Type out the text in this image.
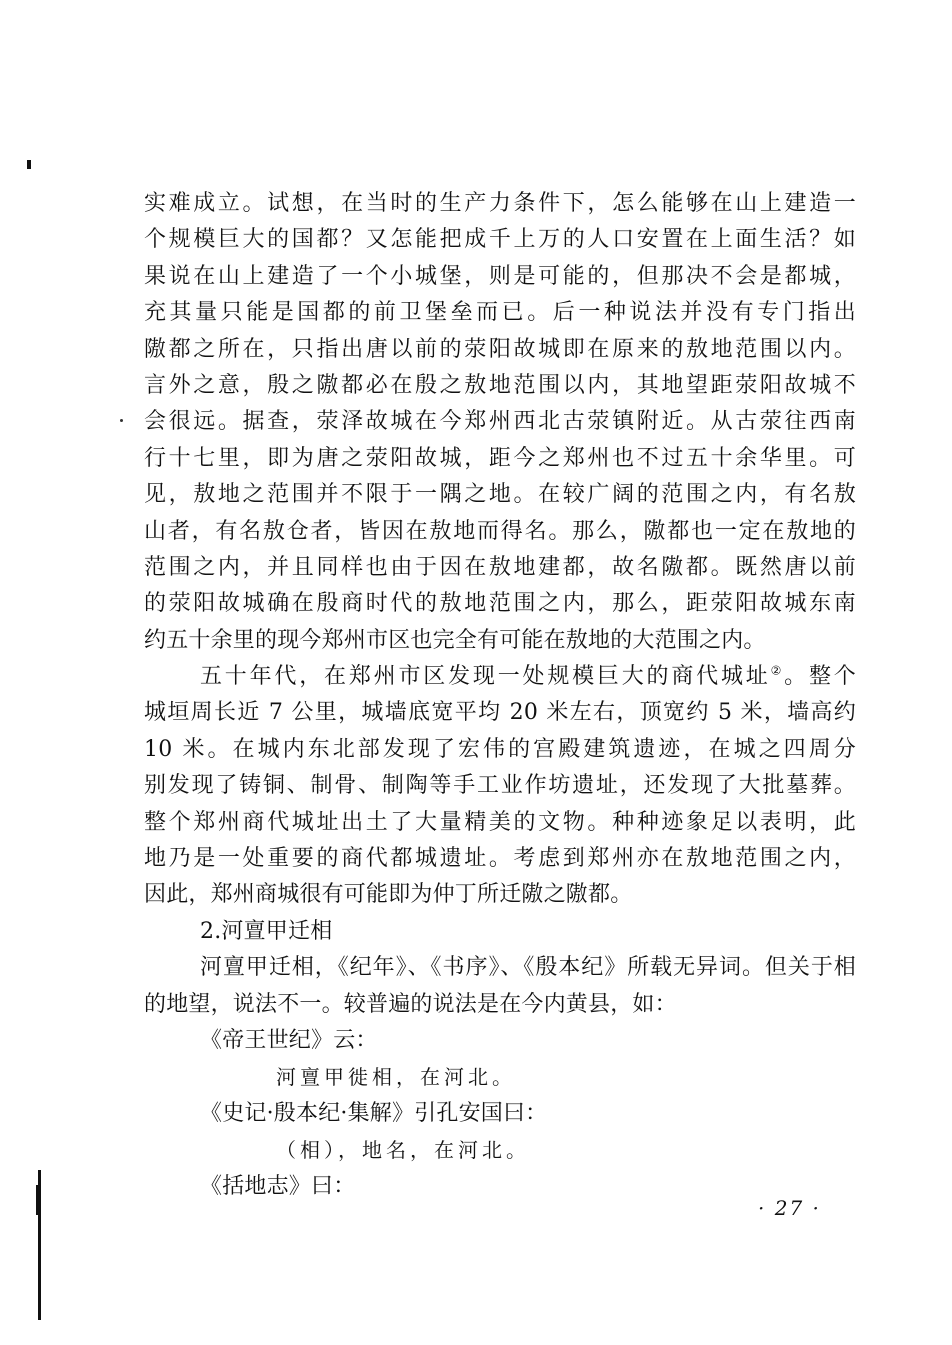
实难成立。试想，在当时的生产力条件下，怎么能够在山上建造一
个规模巨大的国都？又怎能把成千上万的人口安置在上面生活？如
果说在山上建造了一个小城堡，则是可能的，但那决不会是都城，
充其量只能是国都的前卫堡垒而已。后一种说法并没有专门指出
隞都之所在，只指出唐以前的荥阳故城即在原来的敖地范围以内。
言外之意，殷之隞都必在殷之敖地范围以内，其地望距荥阳故城不
会很远。据查，荥泽故城在今郑州西北古荥镇附近。从古荥往西南
行十七里，即为唐之荥阳故城，距今之郑州也不过五十余华里。可
见，敖地之范围并不限于一隅之地。在较广阔的范围之内，有名敖
山者，有名敖仓者，皆因在敖地而得名。那么，隞都也一定在敖地的
范围之内，并且同样也由于因在敖地建都，故名隞都。既然唐以前
的荥阳故城确在殷商时代的敖地范围之内，那么，距荥阳故城东南
约五十余里的现今郑州市区也完全有可能在敖地的大范围之内。
五十年代，在郑州市区发现一处规模巨大的商代城址②。整个
城垣周长近 7 公里，城墙底宽平均 20 米左右，顶宽约 5 米，墙高约
10 米。在城内东北部发现了宏伟的宫殿建筑遗迹，在城之四周分
别发现了铸铜、制骨、制陶等手工业作坊遗址，还发现了大批墓葬。
整个郑州商代城址出土了大量精美的文物。种种迹象足以表明，此
地乃是一处重要的商代都城遗址。考虑到郑州亦在敖地范围之内，
因此，郑州商城很有可能即为仲丁所迁隞之隞都。
2.河亶甲迁相
河亶甲迁相，《纪年》、《书序》、《殷本纪》所载无异词。但关于相
的地望，说法不一。较普遍的说法是在今内黄县，如：
《帝王世纪》云：
河亶甲徙相，在河北。
《史记·殷本纪·集解》引孔安国曰：
（相），地名，在河北。
《括地志》曰：
· 27 ·
